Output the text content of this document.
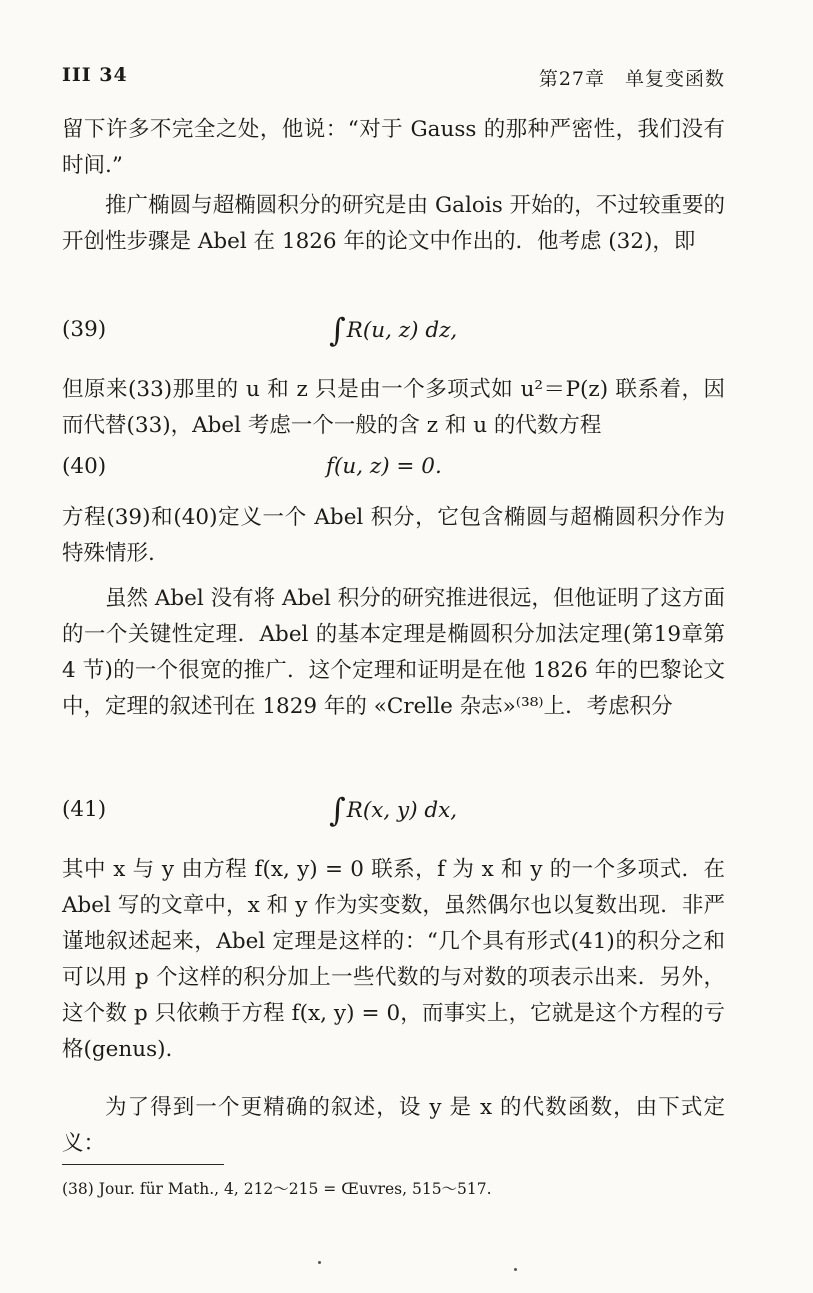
III 34	第27章　单复变函数
留下许多不完全之处，他说：“对于 Gauss 的那种严密性，我们没有时间.”
推广椭圆与超椭圆积分的研究是由 Galois 开始的，不过较重要的开创性步骤是 Abel 在 1826 年的论文中作出的．他考虑 (32)，即
(39)	∫R(u, z) dz,
但原来(33)那里的 u 和 z 只是由一个多项式如 u²＝P(z) 联系着，因而代替(33)，Abel 考虑一个一般的含 z 和 u 的代数方程
(40)	f(u, z) = 0.
方程(39)和(40)定义一个 Abel 积分，它包含椭圆与超椭圆积分作为特殊情形.
虽然 Abel 没有将 Abel 积分的研究推进很远，但他证明了这方面的一个关键性定理．Abel 的基本定理是椭圆积分加法定理(第19章第 4 节)的一个很宽的推广．这个定理和证明是在他 1826 年的巴黎论文中，定理的叙述刊在 1829 年的 «Crelle 杂志»⁽³⁸⁾上．考虑积分
(41)	∫R(x, y) dx,
其中 x 与 y 由方程 f(x, y) = 0 联系，f 为 x 和 y 的一个多项式．在 Abel 写的文章中，x 和 y 作为实变数，虽然偶尔也以复数出现．非严谨地叙述起来，Abel 定理是这样的：“几个具有形式(41)的积分之和可以用 p 个这样的积分加上一些代数的与对数的项表示出来．另外，这个数 p 只依赖于方程 f(x, y) = 0，而事实上，它就是这个方程的亏格(genus).
为了得到一个更精确的叙述，设 y 是 x 的代数函数，由下式定义：
(38) Jour. für Math., 4, 212～215 = Œuvres, 515～517.
